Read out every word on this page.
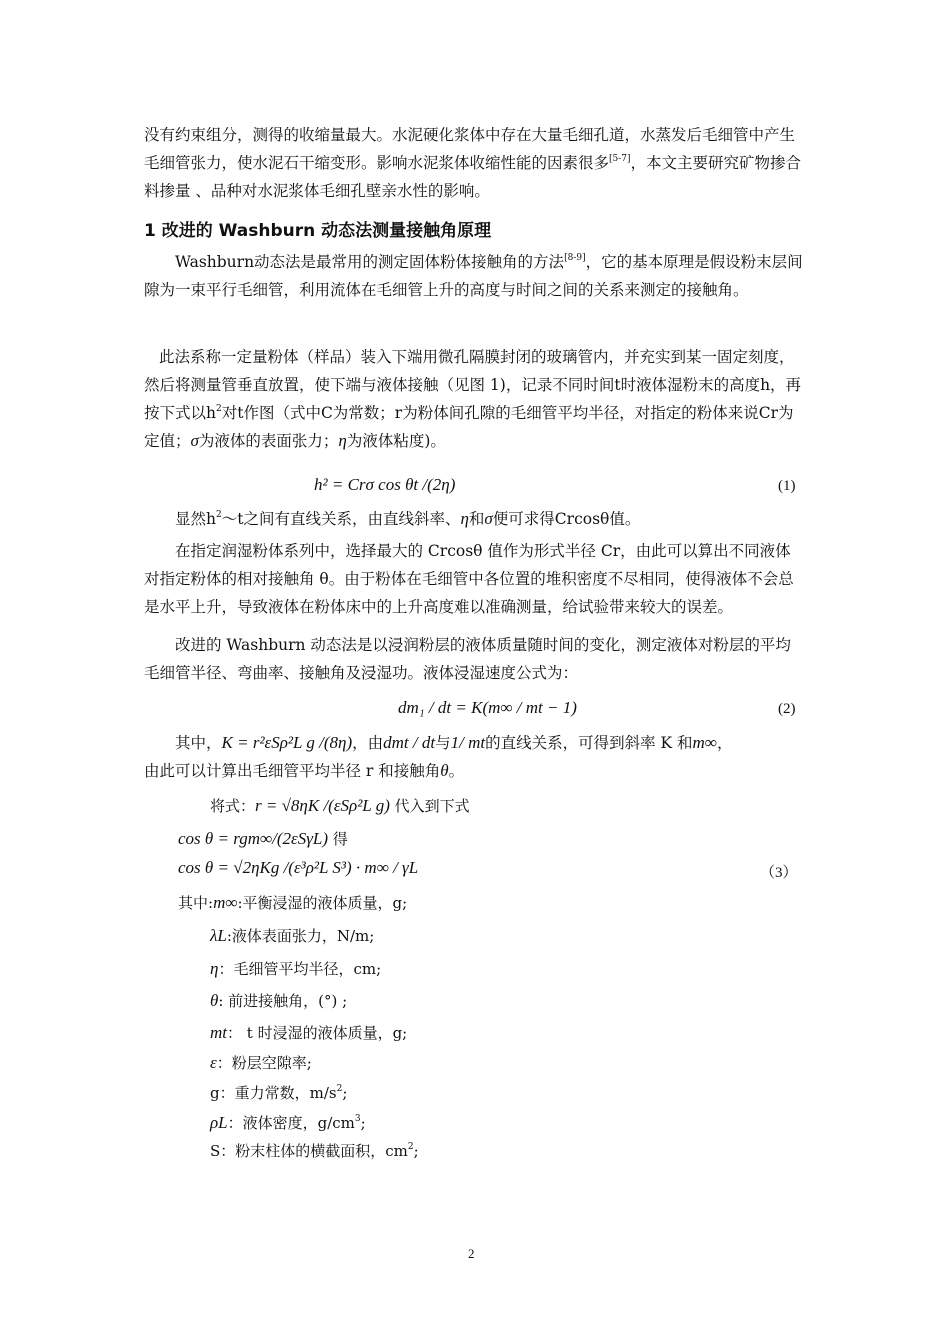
没有约束组分，测得的收缩量最大。水泥硬化浆体中存在大量毛细孔道，水蒸发后毛细管中产生毛细管张力，使水泥石干缩变形。影响水泥浆体收缩性能的因素很多[5-7]，本文主要研究矿物掺合料掺量 、品种对水泥浆体毛细孔壁亲水性的影响。

1 改进的 Washburn 动态法测量接触角原理

Washburn动态法是最常用的测定固体粉体接触角的方法[8-9]，它的基本原理是假设粉末层间隙为一束平行毛细管，利用流体在毛细管上升的高度与时间之间的关系来测定的接触角。

此法系称一定量粉体（样品）装入下端用微孔隔膜封闭的玻璃管内，并充实到某一固定刻度，然后将测量管垂直放置，使下端与液体接触（见图 1)，记录不同时间t时液体湿粉末的高度h，再按下式以$h^2$对t作图（式中C为常数；r为粉体间孔隙的毛细管平均半径，对指定的粉体来说Cr为定值；σ为液体的表面张力；η为液体粘度)。

h² = Crσ cos θt /(2η)	(1)

显然$h^2\sim t$之间有直线关系，由直线斜率、η和σ便可求得Crcosθ值。

在指定润湿粉体系列中，选择最大的 Crcosθ 值作为形式半径 Cr，由此可以算出不同液体对指定粉体的相对接触角 θ。由于粉体在毛细管中各位置的堆积密度不尽相同，使得液体不会总是水平上升，导致液体在粉体床中的上升高度难以准确测量，给试验带来较大的误差。

改进的 Washburn 动态法是以浸润粉层的液体质量随时间的变化，测定液体对粉层的平均毛细管半径、弯曲率、接触角及浸湿功。液体浸湿速度公式为：

dm₁ / dt = K(m∞ / mt − 1)	(2)

其中，K = r²εSρ²L g /(8η)，由dmt / dt与1/ mt的直线关系，可得到斜率 K 和m∞，
由此可以计算出毛细管平均半径 r 和接触角θ。

将式：r = √8ηK /(εSρ²L g) 代入到下式
cos θ = rgm∞/(2εSγL) 得
cos θ = √2ηKg /(ε³ρ²L S³) · m∞ / γL	（3）
其中:m∞:平衡浸湿的液体质量，g;
λL:液体表面张力，N/m;
η：毛细管平均半径，cm;
θ: 前进接触角，(°) ;
mt： t 时浸湿的液体质量，g;
ε：粉层空隙率;
g：重力常数，$m/s^2$;
ρL：液体密度，$g/cm^3$;
S：粉末柱体的横截面积，$cm^2$;
2
